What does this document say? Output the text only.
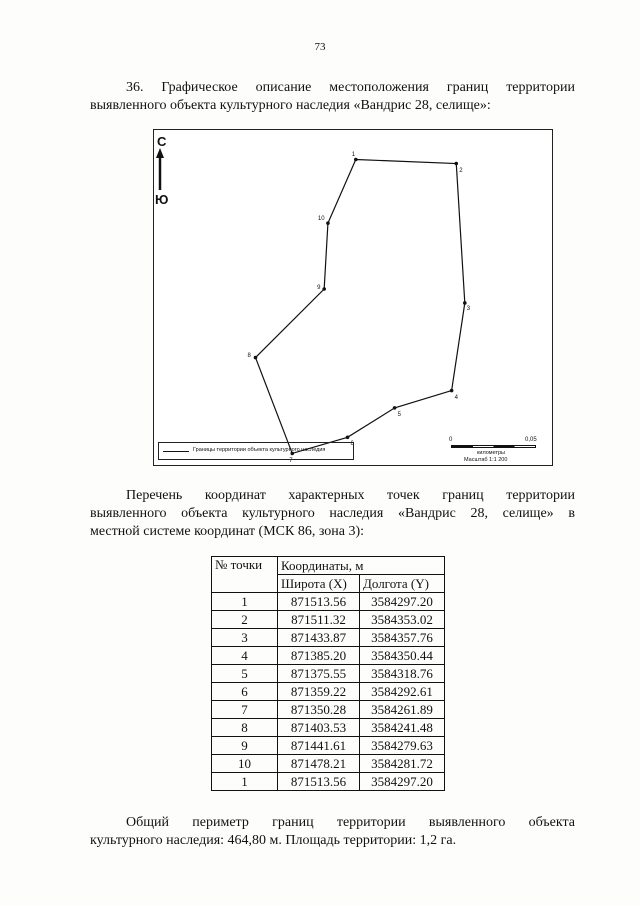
73
36. Графическое описание местоположения границ территории
выявленного объекта культурного наследия «Вандрис 28, селище»:
С
Ю
1
2
3
4
5
6
7
8
9
10
Границы территории объекта культурного наследия
0	0,05
километры
Масштаб 1:1 200
Перечень координат характерных точек границ территории
выявленного объекта культурного наследия «Вандрис 28, селище» в
местной системе координат (МСК 86, зона 3):
№ точки	Координаты, м	
	Широта (X)	Долгота (Y)
1	871513.56	3584297.20
2	871511.32	3584353.02
3	871433.87	3584357.76
4	871385.20	3584350.44
5	871375.55	3584318.76
6	871359.22	3584292.61
7	871350.28	3584261.89
8	871403.53	3584241.48
9	871441.61	3584279.63
10	871478.21	3584281.72
1	871513.56	3584297.20
Общий периметр границ территории выявленного объекта
культурного наследия: 464,80 м. Площадь территории: 1,2 га.
